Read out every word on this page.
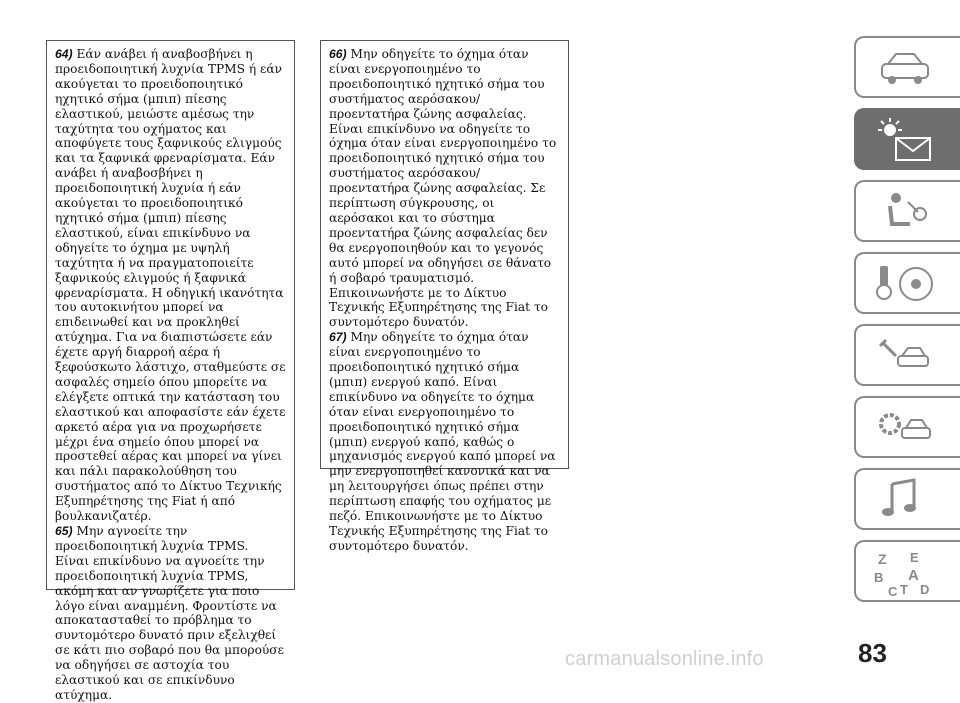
64) Εάν ανάβει ή αναβοσβήνει η προειδοποιητική λυχνία TPMS ή εάν ακούγεται το προειδοποιητικό ηχητικό σήμα (μπιπ) πίεσης ελαστικού, μειώστε αμέσως την ταχύτητα του οχήματος και αποφύγετε τους ξαφνικούς ελιγμούς και τα ξαφνικά φρεναρίσματα. Εάν ανάβει ή αναβοσβήνει η προειδοποιητική λυχνία ή εάν ακούγεται το προειδοποιητικό ηχητικό σήμα (μπιπ) πίεσης ελαστικού, είναι επικίνδυνο να οδηγείτε το όχημα με υψηλή ταχύτητα ή να πραγματοποιείτε ξαφνικούς ελιγμούς ή ξαφνικά φρεναρίσματα. Η οδηγική ικανότητα του αυτοκινήτου μπορεί να επιδεινωθεί και να προκληθεί ατύχημα. Για να διαπιστώσετε εάν έχετε αργή διαρροή αέρα ή ξεφούσκωτο λάστιχο, σταθμεύστε σε ασφαλές σημείο όπου μπορείτε να ελέγξετε οπτικά την κατάσταση του ελαστικού και αποφασίστε εάν έχετε αρκετό αέρα για να προχωρήσετε μέχρι ένα σημείο όπου μπορεί να προστεθεί αέρας και μπορεί να γίνει και πάλι παρακολούθηση του συστήματος από το Δίκτυο Τεχνικής Εξυπηρέτησης της Fiat ή από βουλκανιζατέρ.

65) Μην αγνοείτε την προειδοποιητική λυχνία TPMS. Είναι επικίνδυνο να αγνοείτε την προειδοποιητική λυχνία TPMS, ακόμη και αν γνωρίζετε για ποιο λόγο είναι αναμμένη. Φροντίστε να αποκατασταθεί το πρόβλημα το συντομότερο δυνατό πριν εξελιχθεί σε κάτι πιο σοβαρό που θα μπορούσε να οδηγήσει σε αστοχία του ελαστικού και σε επικίνδυνο ατύχημα.

66) Μην οδηγείτε το όχημα όταν είναι ενεργοποιημένο το προειδοποιητικό ηχητικό σήμα του συστήματος αερόσακου/προεντατήρα ζώνης ασφαλείας. Είναι επικίνδυνο να οδηγείτε το όχημα όταν είναι ενεργοποιημένο το προειδοποιητικό ηχητικό σήμα του συστήματος αερόσακου/προεντατήρα ζώνης ασφαλείας. Σε περίπτωση σύγκρουσης, οι αερόσακοι και το σύστημα προεντατήρα ζώνης ασφαλείας δεν θα ενεργοποιηθούν και το γεγονός αυτό μπορεί να οδηγήσει σε θάνατο ή σοβαρό τραυματισμό. Επικοινωνήστε με το Δίκτυο Τεχνικής Εξυπηρέτησης της Fiat το συντομότερο δυνατόν.

67) Μην οδηγείτε το όχημα όταν είναι ενεργοποιημένο το προειδοποιητικό ηχητικό σήμα (μπιπ) ενεργού καπό. Είναι επικίνδυνο να οδηγείτε το όχημα όταν είναι ενεργοποιημένο το προειδοποιητικό ηχητικό σήμα (μπιπ) ενεργού καπό, καθώς ο μηχανισμός ενεργού καπό μπορεί να μην ενεργοποιηθεί κανονικά και να μη λειτουργήσει όπως πρέπει στην περίπτωση επαφής του οχήματος με πεζό. Επικοινωνήστε με το Δίκτυο Τεχνικής Εξυπηρέτησης της Fiat το συντομότερο δυνατόν.

Z E
B A
C T D
83
carmanualsonline.info
